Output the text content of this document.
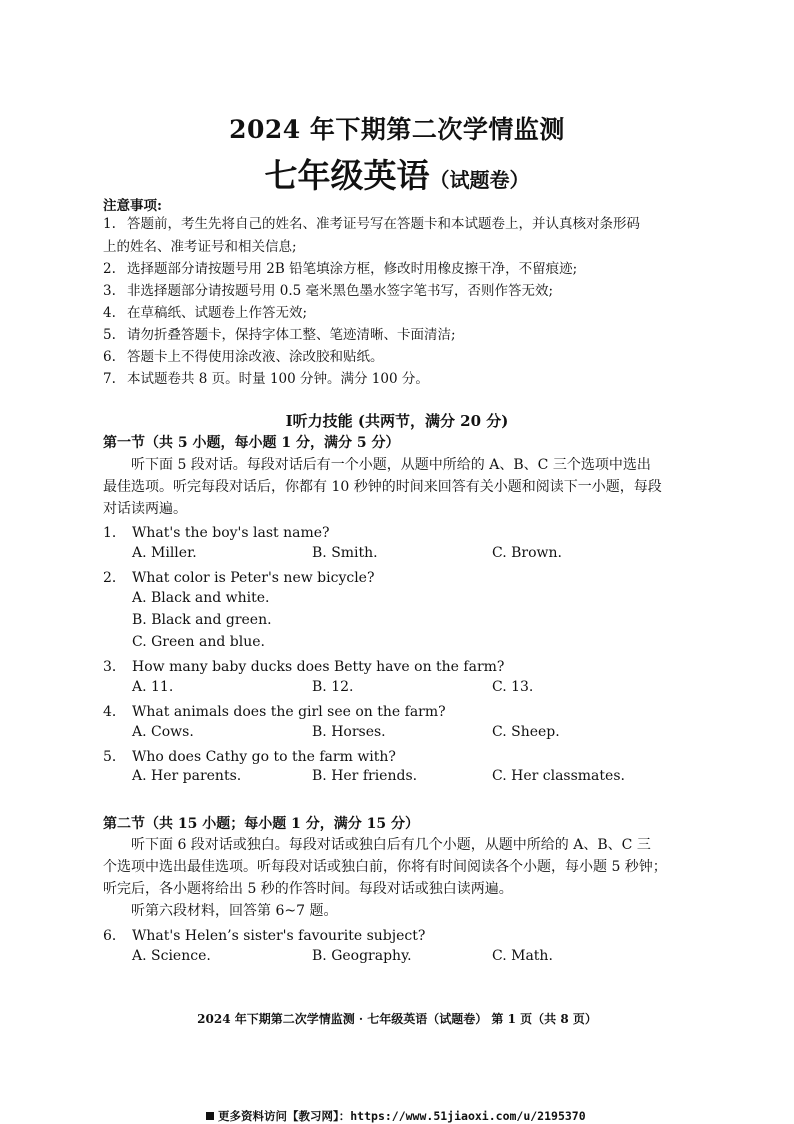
2024 年下期第二次学情监测
七年级英语（试题卷）
注意事项:
1. 答题前，考生先将自己的姓名、准考证号写在答题卡和本试题卷上，并认真核对条形码
上的姓名、准考证号和相关信息;
2. 选择题部分请按题号用 2B 铅笔填涂方框，修改时用橡皮擦干净，不留痕迹;
3. 非选择题部分请按题号用 0.5 毫米黑色墨水签字笔书写，否则作答无效;
4. 在草稿纸、试题卷上作答无效;
5. 请勿折叠答题卡，保持字体工整、笔迹清晰、卡面清洁;
6. 答题卡上不得使用涂改液、涂改胶和贴纸。
7. 本试题卷共 8 页。时量 100 分钟。满分 100 分。
Ⅰ听力技能 (共两节，满分 20 分)
第一节（共 5 小题，每小题 1 分，满分 5 分）
听下面 5 段对话。每段对话后有一个小题，从题中所给的 A、B、C 三个选项中选出
最佳选项。听完每段对话后，你都有 10 秒钟的时间来回答有关小题和阅读下一小题，每段
对话读两遍。
1． What's the boy's last name?
A. Miller.	B. Smith.	C. Brown.
2． What color is Peter's new bicycle?
A. Black and white.
B. Black and green.
C. Green and blue.
3． How many baby ducks does Betty have on the farm?
A. 11.	B. 12.	C. 13.
4． What animals does the girl see on the farm?
A. Cows.	B. Horses.	C. Sheep.
5． Who does Cathy go to the farm with?
A. Her parents.	B. Her friends.	C. Her classmates.
第二节（共 15 小题；每小题 1 分，满分 15 分）
听下面 6 段对话或独白。每段对话或独白后有几个小题，从题中所给的 A、B、C 三
个选项中选出最佳选项。听每段对话或独白前，你将有时间阅读各个小题，每小题 5 秒钟；
听完后，各小题将给出 5 秒的作答时间。每段对话或独白读两遍。
听第六段材料，回答第 6~7 题。
6． What's Helen’s sister's favourite subject?
A. Science.	B. Geography.	C. Math.
2024 年下期第二次学情监测 · 七年级英语（试题卷） 第 1 页（共 8 页）
更多资料访问【教习网】：https://www.51jiaoxi.com/u/2195370
